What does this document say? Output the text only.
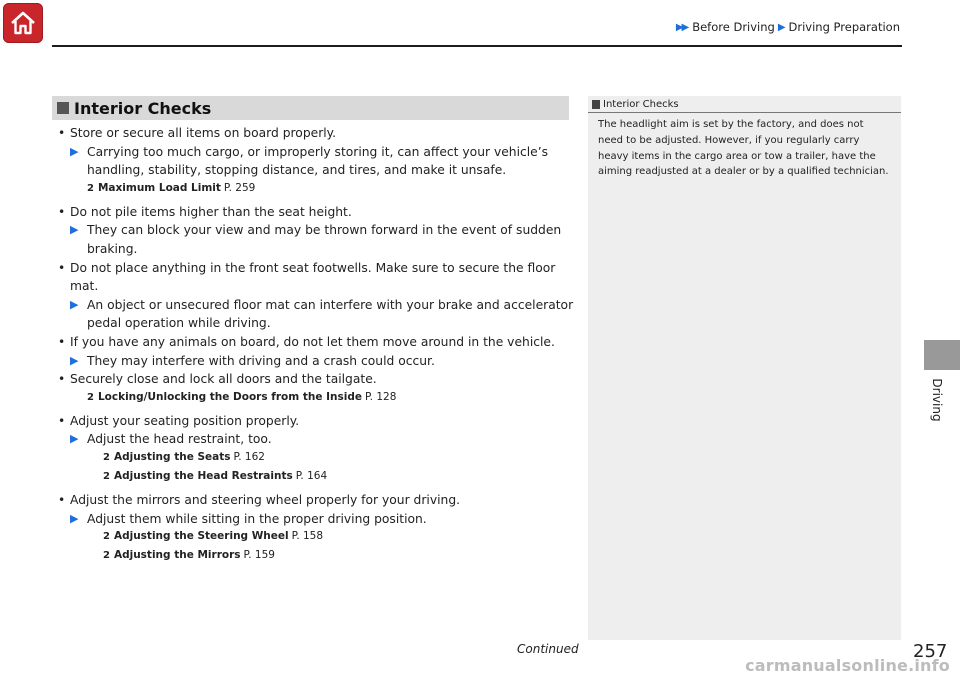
▶▶ Before Driving ▶ Driving Preparation
Interior Checks
• Store or secure all items on board properly.
▶ Carrying too much cargo, or improperly storing it, can affect your vehicle’s handling, stability, stopping distance, and tires, and make it unsafe.
2 Maximum Load Limit P. 259
• Do not pile items higher than the seat height.
▶ They can block your view and may be thrown forward in the event of sudden braking.
• Do not place anything in the front seat footwells. Make sure to secure the floor mat.
▶ An object or unsecured floor mat can interfere with your brake and accelerator pedal operation while driving.
• If you have any animals on board, do not let them move around in the vehicle.
▶ They may interfere with driving and a crash could occur.
• Securely close and lock all doors and the tailgate.
2 Locking/Unlocking the Doors from the Inside P. 128
• Adjust your seating position properly.
▶ Adjust the head restraint, too.
2 Adjusting the Seats P. 162
2 Adjusting the Head Restraints P. 164
• Adjust the mirrors and steering wheel properly for your driving.
▶ Adjust them while sitting in the proper driving position.
2 Adjusting the Steering Wheel P. 158
2 Adjusting the Mirrors P. 159
Interior Checks
The headlight aim is set by the factory, and does not need to be adjusted. However, if you regularly carry heavy items in the cargo area or tow a trailer, have the aiming readjusted at a dealer or by a qualified technician.
Driving
Continued	257
carmanualsonline.info
